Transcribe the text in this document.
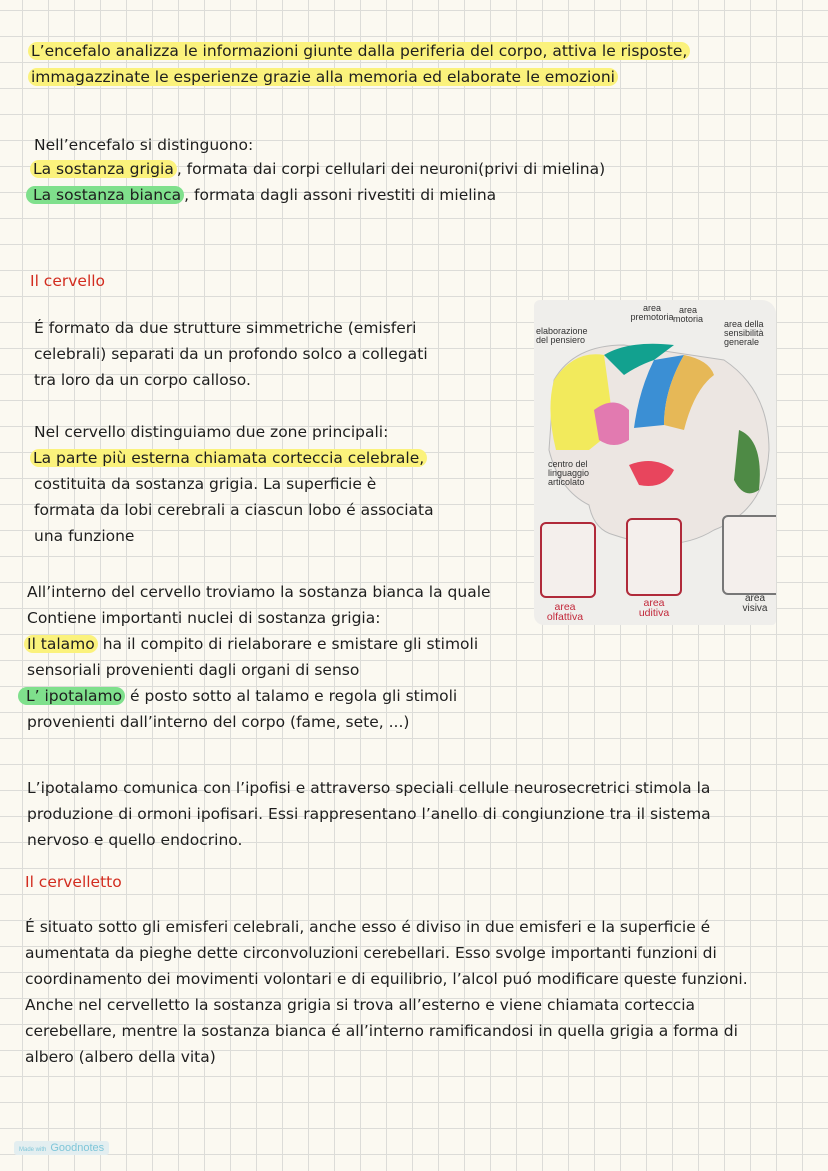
L’encefalo analizza le informazioni giunte dalla periferia del corpo, attiva le risposte,
immagazzinate le esperienze grazie alla memoria ed elaborate le emozioni
Nell’encefalo si distinguono:
La sostanza grigia , formata dai corpi cellulari dei neuroni(privi di mielina)
La sostanza bianca , formata dagli assoni rivestiti di mielina
Il cervello
É formato da due strutture simmetriche (emisferi
celebrali) separati da un profondo solco a collegati
tra loro da un corpo calloso.
Nel cervello distinguiamo due zone principali:
La parte più esterna chiamata corteccia celebrale,
costituita da sostanza grigia. La superficie è
formata da lobi cerebrali a ciascun lobo é associata
una funzione
All’interno del cervello troviamo la sostanza bianca la quale
Contiene importanti nuclei di sostanza grigia:
Il talamo ha il compito di rielaborare e smistare gli stimoli
sensoriali provenienti dagli organi di senso
L’ ipotalamo é posto sotto al talamo e regola gli stimoli
provenienti dall’interno del corpo (fame, sete, ...)
L’ipotalamo comunica con l’ipofisi e attraverso speciali cellule neurosecretrici stimola la
produzione di ormoni ipofisari. Essi rappresentano l’anello di congiunzione tra il sistema
nervoso e quello endocrino.
area premotoria
area motoria
elaborazione del pensiero
area della sensibilità generale
centro del linguaggio articolato
area olfattiva
area uditiva
area visiva
Il cervelletto
É situato sotto gli emisferi celebrali, anche esso é diviso in due emisferi e la superficie é
aumentata da pieghe dette circonvoluzioni cerebellari. Esso svolge importanti funzioni di
coordinamento dei movimenti volontari e di equilibrio, l’alcol puó modificare queste funzioni.
Anche nel cervelletto la sostanza grigia si trova all’esterno e viene chiamata corteccia
cerebellare, mentre la sostanza bianca é all’interno ramificandosi in quella grigia a forma di
albero (albero della vita)
Made with Goodnotes
